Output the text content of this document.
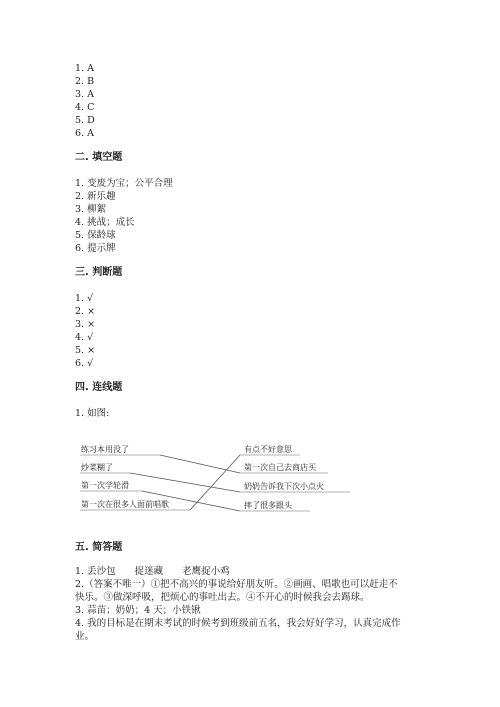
1. A
2. B
3. A
4. C
5. D
6. A
二. 填空题
1. 变废为宝；公平合理
2. 新乐趣
3. 柳絮
4. 挑战；成长
5. 保龄球
6. 提示牌
三. 判断题
1. √
2. ×
3. ×
4. √
5. ×
6. √
四. 连线题
1. 如图:
练习本用没了
炒菜糊了
第一次学轮滑
第一次在很多人面前唱歌
有点不好意思
第一次自己去商店买
奶奶告诉我下次小点火
摔了很多跟头
五. 简答题
1. 丢沙包　　捉迷藏　　老鹰捉小鸡
2.（答案不唯一）①把不高兴的事说给好朋友听。②画画、唱歌也可以赶走不
快乐。③做深呼吸，把烦心的事吐出去。④不开心的时候我会去踢球。
3. 蒜苗；奶奶；4 天；小铁锹
4. 我的目标是在期末考试的时候考到班级前五名，我会好好学习，认真完成作
业。
